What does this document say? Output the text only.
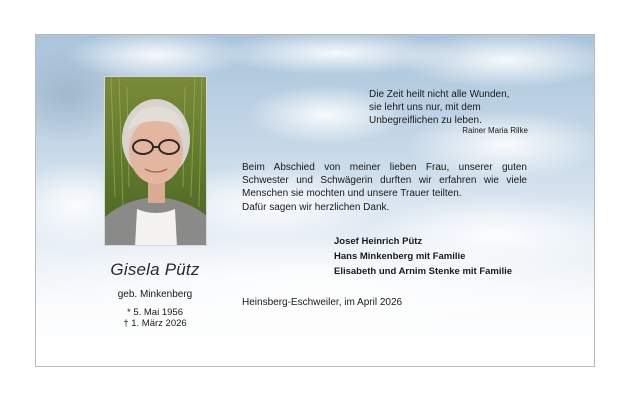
Gisela Pütz
geb. Minkenberg
* 5. Mai 1956
† 1. März 2026
Die Zeit heilt nicht alle Wunden,
sie lehrt uns nur, mit dem
Unbegreiflichen zu leben.
Rainer Maria Rilke
Beim Abschied von meiner lieben Frau, unserer guten
Schwester und Schwägerin durften wir erfahren wie viele
Menschen sie mochten und unsere Trauer teilten.
Dafür sagen wir herzlichen Dank.
Josef Heinrich Pütz
Hans Minkenberg mit Familie
Elisabeth und Arnim Stenke mit Familie
Heinsberg-Eschweiler, im April 2026
